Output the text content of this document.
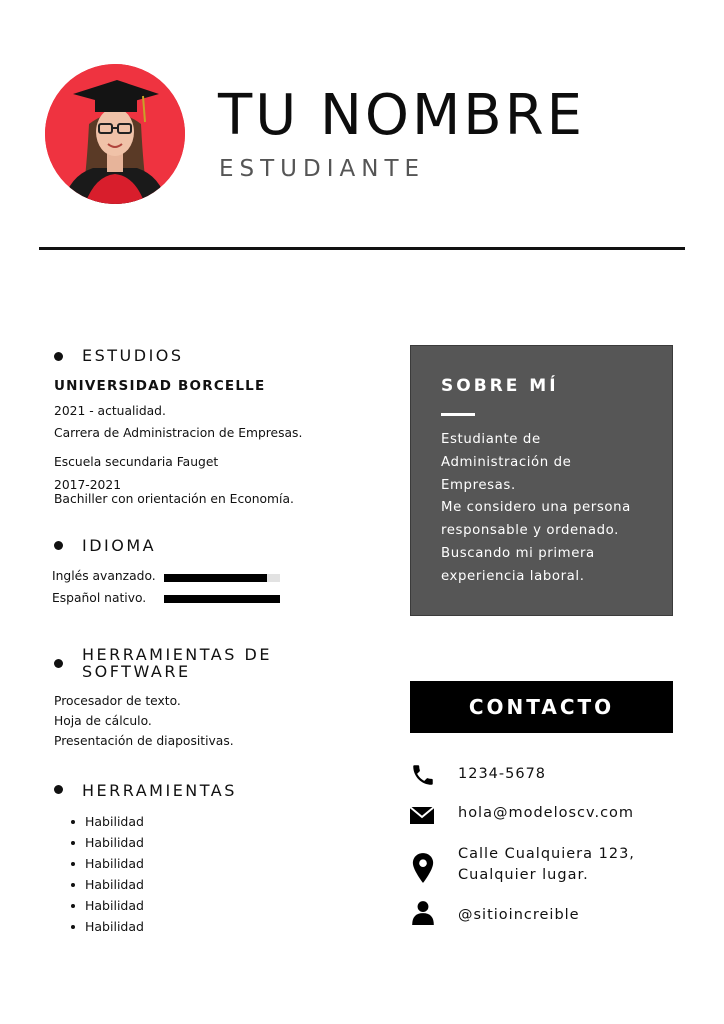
TU NOMBRE
ESTUDIANTE
ESTUDIOS
UNIVERSIDAD BORCELLE
2021 - actualidad.
Carrera de Administracion de Empresas.
Escuela secundaria Fauget
2017-2021
Bachiller con orientación en Economía.
IDIOMA
Inglés avanzado.
Español nativo.
HERRAMIENTAS DE
SOFTWARE
Procesador de texto.
Hoja de cálculo.
Presentación de diapositivas.
HERRAMIENTAS
Habilidad
Habilidad
Habilidad
Habilidad
Habilidad
Habilidad
SOBRE MÍ
Estudiante de
Administración de
Empresas.
Me considero una persona
responsable y ordenado.
Buscando mi primera
experiencia laboral.
CONTACTO
1234-5678
hola@modeloscv.com
Calle Cualquiera 123,
Cualquier lugar.
@sitioincreible
